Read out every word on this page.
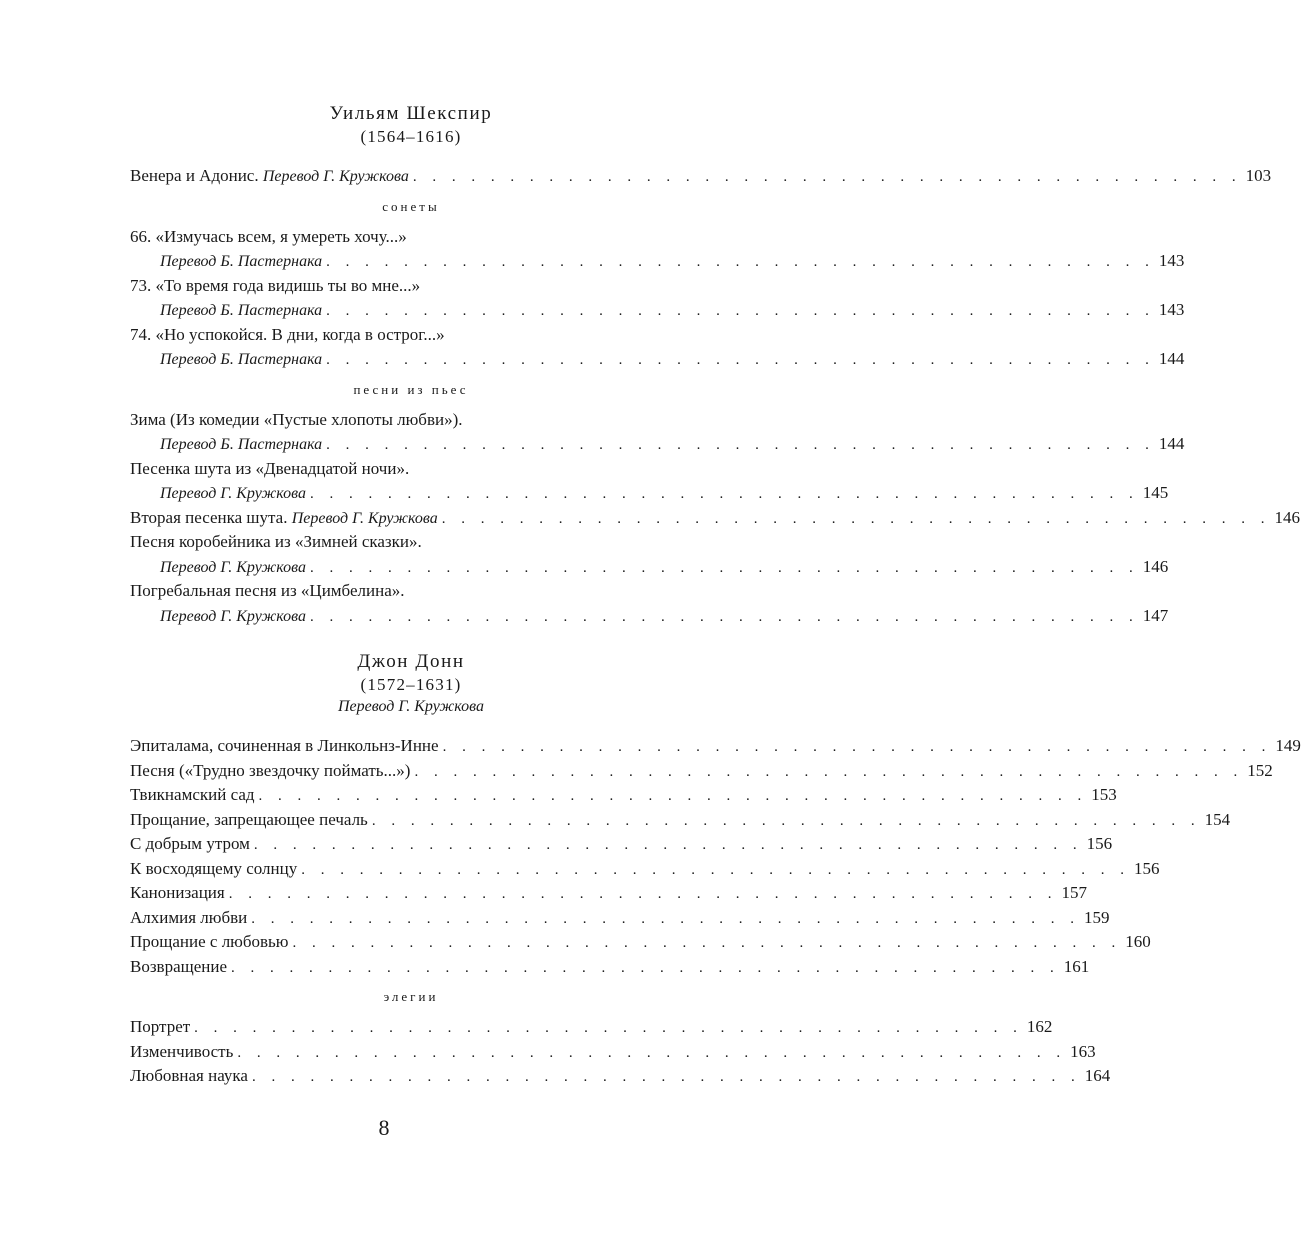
Уильям Шекспир
(1564–1616)
Венера и Адонис. Перевод Г. Кружкова . . . . . . . . . . . . . . . . . . . . . . . . . . . . . . . . . . . . . . . . . . . 103
сонеты
66. «Измучась всем, я умереть хочу...»
Перевод Б. Пастернака . . . . . . . . . . . . . . . . . . . . . . . . . . . . . . . . . . . . . . . . . . . 143
73. «То время года видишь ты во мне...»
Перевод Б. Пастернака . . . . . . . . . . . . . . . . . . . . . . . . . . . . . . . . . . . . . . . . . . . 143
74. «Но успокойся. В дни, когда в острог...»
Перевод Б. Пастернака . . . . . . . . . . . . . . . . . . . . . . . . . . . . . . . . . . . . . . . . . . . 144
песни из пьес
Зима (Из комедии «Пустые хлопоты любви»).
Перевод Б. Пастернака . . . . . . . . . . . . . . . . . . . . . . . . . . . . . . . . . . . . . . . . . . . 144
Песенка шута из «Двенадцатой ночи».
Перевод Г. Кружкова . . . . . . . . . . . . . . . . . . . . . . . . . . . . . . . . . . . . . . . . . . . 145
Вторая песенка шута. Перевод Г. Кружкова . . . . . . . . . . . . . . . . . . . . . . . . . . . . . . . . . . . . . . . . . . . 146
Песня коробейника из «Зимней сказки».
Перевод Г. Кружкова . . . . . . . . . . . . . . . . . . . . . . . . . . . . . . . . . . . . . . . . . . . 146
Погребальная песня из «Цимбелина».
Перевод Г. Кружкова . . . . . . . . . . . . . . . . . . . . . . . . . . . . . . . . . . . . . . . . . . . 147
Джон Донн
(1572–1631)
Перевод Г. Кружкова
Эпиталама, сочиненная в Линкольнз-Инне . . . . . . . . . . . . . . . . . . . . . . . . . . . . . . . . . . . . . . . . . . . 149
Песня («Трудно звездочку поймать...») . . . . . . . . . . . . . . . . . . . . . . . . . . . . . . . . . . . . . . . . . . . 152
Твикнамский сад . . . . . . . . . . . . . . . . . . . . . . . . . . . . . . . . . . . . . . . . . . . 153
Прощание, запрещающее печаль . . . . . . . . . . . . . . . . . . . . . . . . . . . . . . . . . . . . . . . . . . . 154
С добрым утром . . . . . . . . . . . . . . . . . . . . . . . . . . . . . . . . . . . . . . . . . . . 156
К восходящему солнцу . . . . . . . . . . . . . . . . . . . . . . . . . . . . . . . . . . . . . . . . . . . 156
Канонизация . . . . . . . . . . . . . . . . . . . . . . . . . . . . . . . . . . . . . . . . . . . 157
Алхимия любви . . . . . . . . . . . . . . . . . . . . . . . . . . . . . . . . . . . . . . . . . . . 159
Прощание с любовью . . . . . . . . . . . . . . . . . . . . . . . . . . . . . . . . . . . . . . . . . . . 160
Возвращение . . . . . . . . . . . . . . . . . . . . . . . . . . . . . . . . . . . . . . . . . . . 161
элегии
Портрет . . . . . . . . . . . . . . . . . . . . . . . . . . . . . . . . . . . . . . . . . . . 162
Изменчивость . . . . . . . . . . . . . . . . . . . . . . . . . . . . . . . . . . . . . . . . . . . 163
Любовная наука . . . . . . . . . . . . . . . . . . . . . . . . . . . . . . . . . . . . . . . . . . . 164
8
